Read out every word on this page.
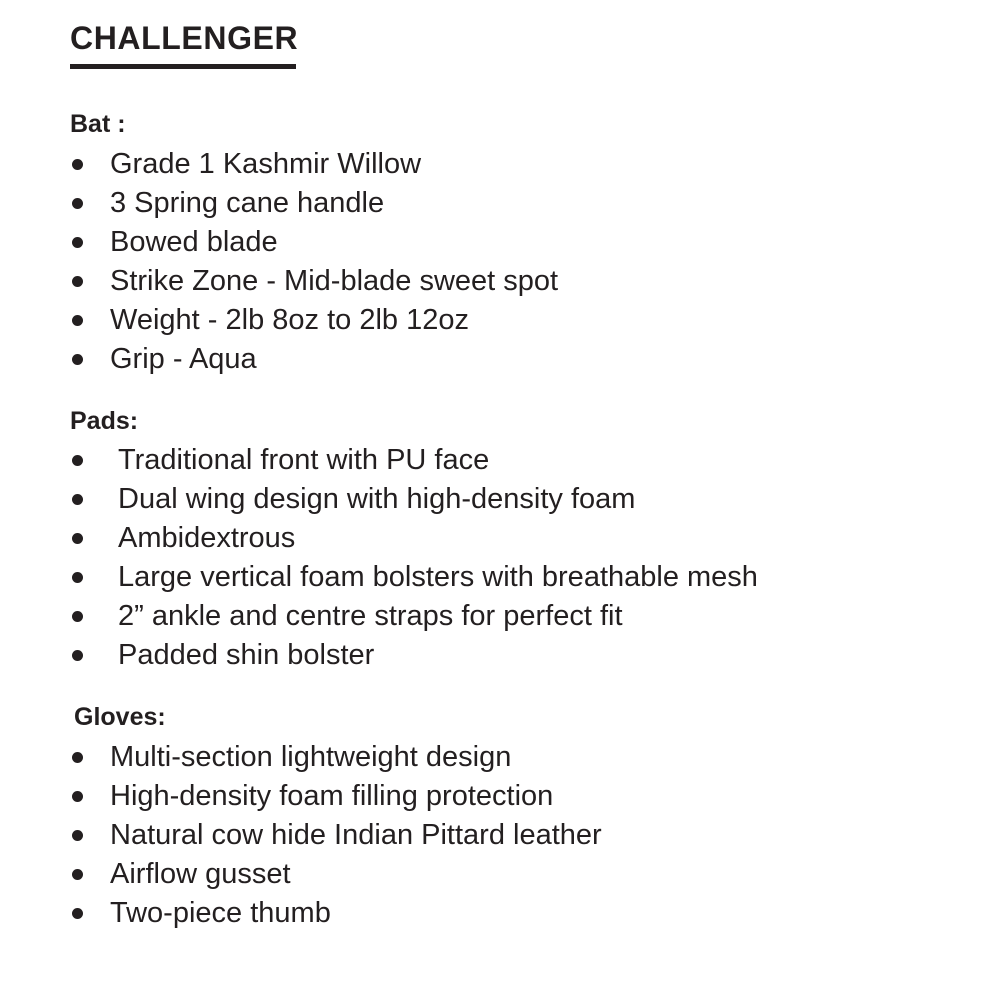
CHALLENGER
Bat :
Grade 1 Kashmir Willow
3 Spring cane handle
Bowed blade
Strike Zone - Mid-blade sweet spot
Weight - 2lb 8oz to 2lb 12oz
Grip - Aqua
Pads:
Traditional front with PU face
Dual wing design with high-density foam
Ambidextrous
Large vertical foam bolsters with breathable mesh
2” ankle and centre straps for perfect fit
Padded shin bolster
Gloves:
Multi-section lightweight design
High-density foam filling protection
Natural cow hide Indian Pittard leather
Airflow gusset
Two-piece thumb
